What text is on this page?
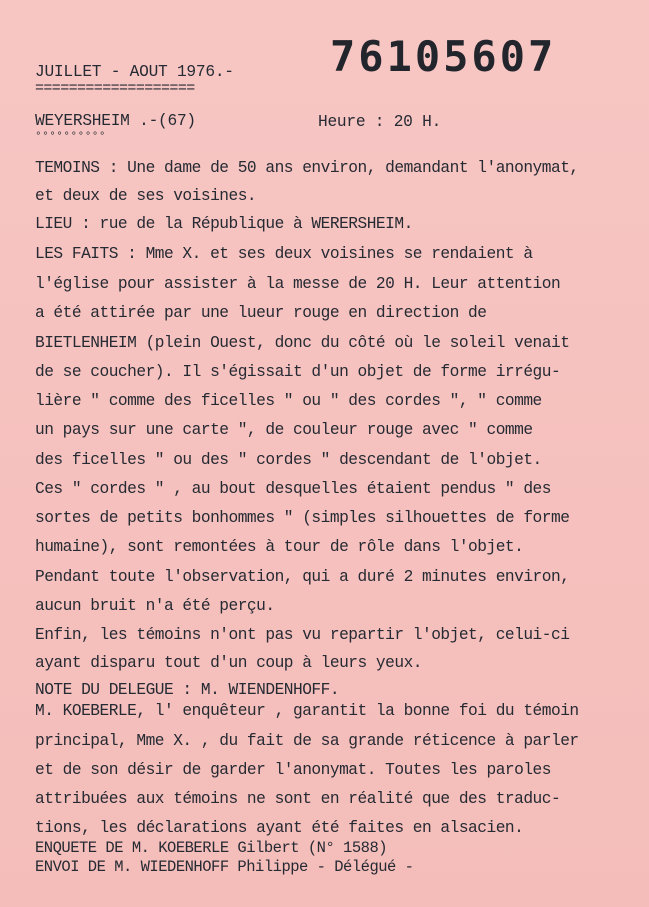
JUILLET - AOUT 1976.-
===================
76105607
WEYERSHEIM .-(67)	Heure : 20 H.
°°°°°°°°°°
TEMOINS : Une dame de 50 ans environ, demandant l'anonymat,
et deux de ses voisines.
LIEU : rue de la République à WERERSHEIM.
LES FAITS : Mme X. et ses deux voisines se rendaient à
l'église pour assister à la messe de 20 H. Leur attention
a été attirée par une lueur rouge en direction de
BIETLENHEIM (plein Ouest, donc du côté où le soleil venait
de se coucher). Il s'égissait d'un objet de forme irrégu-
lière " comme des ficelles " ou " des cordes ", " comme
un pays sur une carte ", de couleur rouge avec " comme
des ficelles " ou des " cordes " descendant de l'objet.
Ces " cordes " , au bout desquelles étaient pendus " des
sortes de petits bonhommes " (simples silhouettes de forme
humaine), sont remontées à tour de rôle dans l'objet.
Pendant toute l'observation, qui a duré 2 minutes environ,
aucun bruit n'a été perçu.
Enfin, les témoins n'ont pas vu repartir l'objet, celui-ci
ayant disparu tout d'un coup à leurs yeux.
NOTE DU DELEGUE : M. WIENDENHOFF.
M. KOEBERLE, l' enquêteur , garantit la bonne foi du témoin
principal, Mme X. , du fait de sa grande réticence à parler
et de son désir de garder l'anonymat. Toutes les paroles
attribuées aux témoins ne sont en réalité que des traduc-
tions, les déclarations ayant été faites en alsacien.
ENQUETE DE M. KOEBERLE Gilbert (N° 1588)
ENVOI DE M. WIEDENHOFF Philippe - Délégué -
